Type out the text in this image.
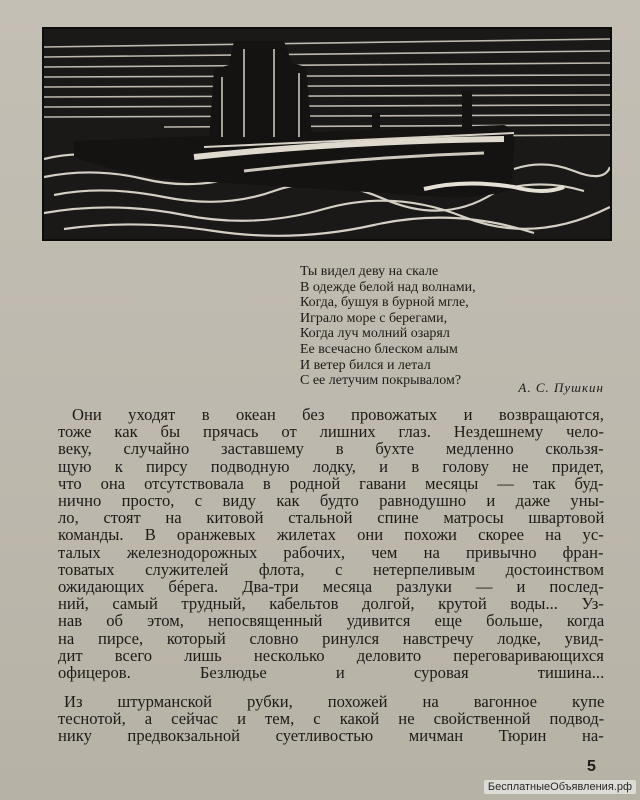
Ты видел деву на скале
В одежде белой над волнами,
Когда, бушуя в бурной мгле,
Играло море с берегами,
Когда луч молний озарял
Ее всечасно блеском алым
И ветер бился и летал
С ее летучим покрывалом?	А. С. Пушкин
Они уходят в океан без провожатых и возвращаются,
тоже как бы прячась от лишних глаз. Нездешнему чело-
веку, случайно заставшему в бухте медленно скользя-
щую к пирсу подводную лодку, и в голову не придет,
что она отсутствовала в родной гавани месяцы — так буд-
нично просто, с виду как будто равнодушно и даже уны-
ло, стоят на китовой стальной спине матросы швартовой
команды. В оранжевых жилетах они похожи скорее на ус-
талых железнодорожных рабочих, чем на привычно фран-
товатых служителей флота, с нетерпеливым достоинством
ожидающих бéрега. Два-три месяца разлуки — и послед-
ний, самый трудный, кабельтов долгой, крутой воды... Уз-
нав об этом, непосвященный удивится еще больше, когда
на пирсе, который словно ринулся навстречу лодке, увид-
дит всего лишь несколько деловито переговаривающихся
офицеров. Безлюдье и суровая тишина...
Из штурманской рубки, похожей на вагонное купе
теснотой, а сейчас и тем, с какой не свойственной подвод-
нику предвокзальной суетливостью мичман Тюрин на-
5
БесплатныеОбъявления.рф
